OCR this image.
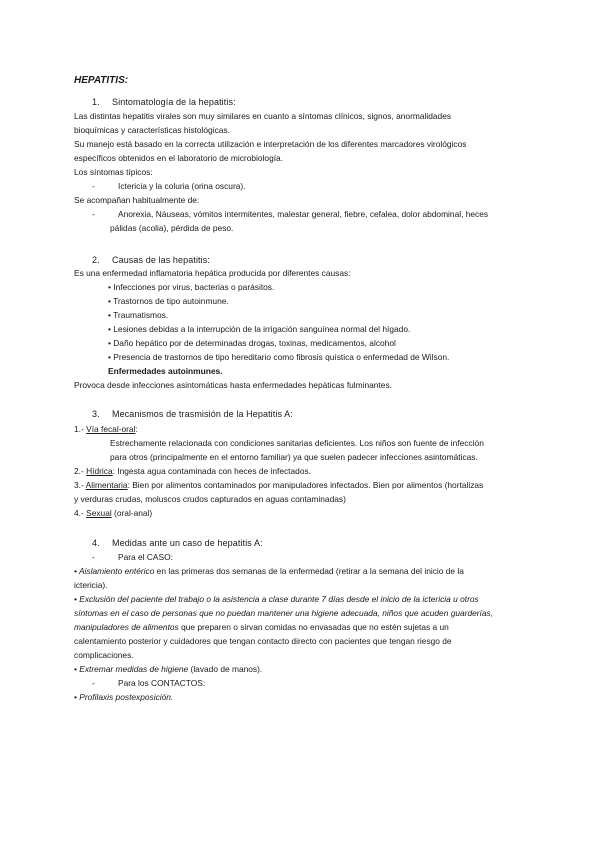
HEPATITIS:
1. Sintomatología de la hepatitis:
Las distintas hepatitis virales son muy similares en cuanto a síntomas clínicos, signos, anormalidades
bioquímicas y características histológicas.
Su manejo está basado en la correcta utilización e interpretación de los diferentes marcadores virológicos
específicos obtenidos en el laboratorio de microbiología.
Los síntomas típicos:
-	Ictericia y la coluria (orina oscura).
Se acompañan habitualmente de:
-	Anorexia, Náuseas, vómitos intermitentes, malestar general, fiebre, cefalea, dolor abdominal, heces
pálidas (acolia), pérdida de peso.
2. Causas de las hepatitis:
Es una enfermedad inflamatoria hepática producida por diferentes causas:
• Infecciones por virus, bacterias o parásitos.
• Trastornos de tipo autoinmune.
• Traumatismos.
• Lesiones debidas a la interrupción de la irrigación sanguínea normal del hígado.
• Daño hepático por de determinadas drogas, toxinas, medicamentos, alcohol
• Presencia de trastornos de tipo hereditario como fibrosis quística o enfermedad de Wilson.
Enfermedades autoinmunes.
Provoca desde infecciones asintomáticas hasta enfermedades hepáticas fulminantes.
3. Mecanismos de trasmisión de la Hepatitis A:
1.- Vía fecal-oral:
Estrechamente relacionada con condiciones sanitarias deficientes. Los niños son fuente de infección
para otros (principalmente en el entorno familiar) ya que suelen padecer infecciones asintomáticas.
2.- Hídrica: Ingesta agua contaminada con heces de infectados.
3.- Alimentaria: Bien por alimentos contaminados por manipuladores infectados. Bien por alimentos (hortalizas
y verduras crudas, moluscos crudos capturados en aguas contaminadas)
4.- Sexual (oral-anal)
4. Medidas ante un caso de hepatitis A:
-	Para el CASO:
• Aislamiento entérico en las primeras dos semanas de la enfermedad (retirar a la semana del inicio de la
ictericia).
• Exclusión del paciente del trabajo o la asistencia a clase durante 7 días desde el inicio de la ictericia u otros
síntomas en el caso de personas que no puedan mantener una higiene adecuada, niños que acuden guarderías,
manipuladores de alimentos que preparen o sirvan comidas no envasadas que no estén sujetas a un
calentamiento posterior y cuidadores que tengan contacto directo con pacientes que tengan riesgo de
complicaciones.
• Extremar medidas de higiene (lavado de manos).
-	Para los CONTACTOS:
• Profilaxis postexposición.
